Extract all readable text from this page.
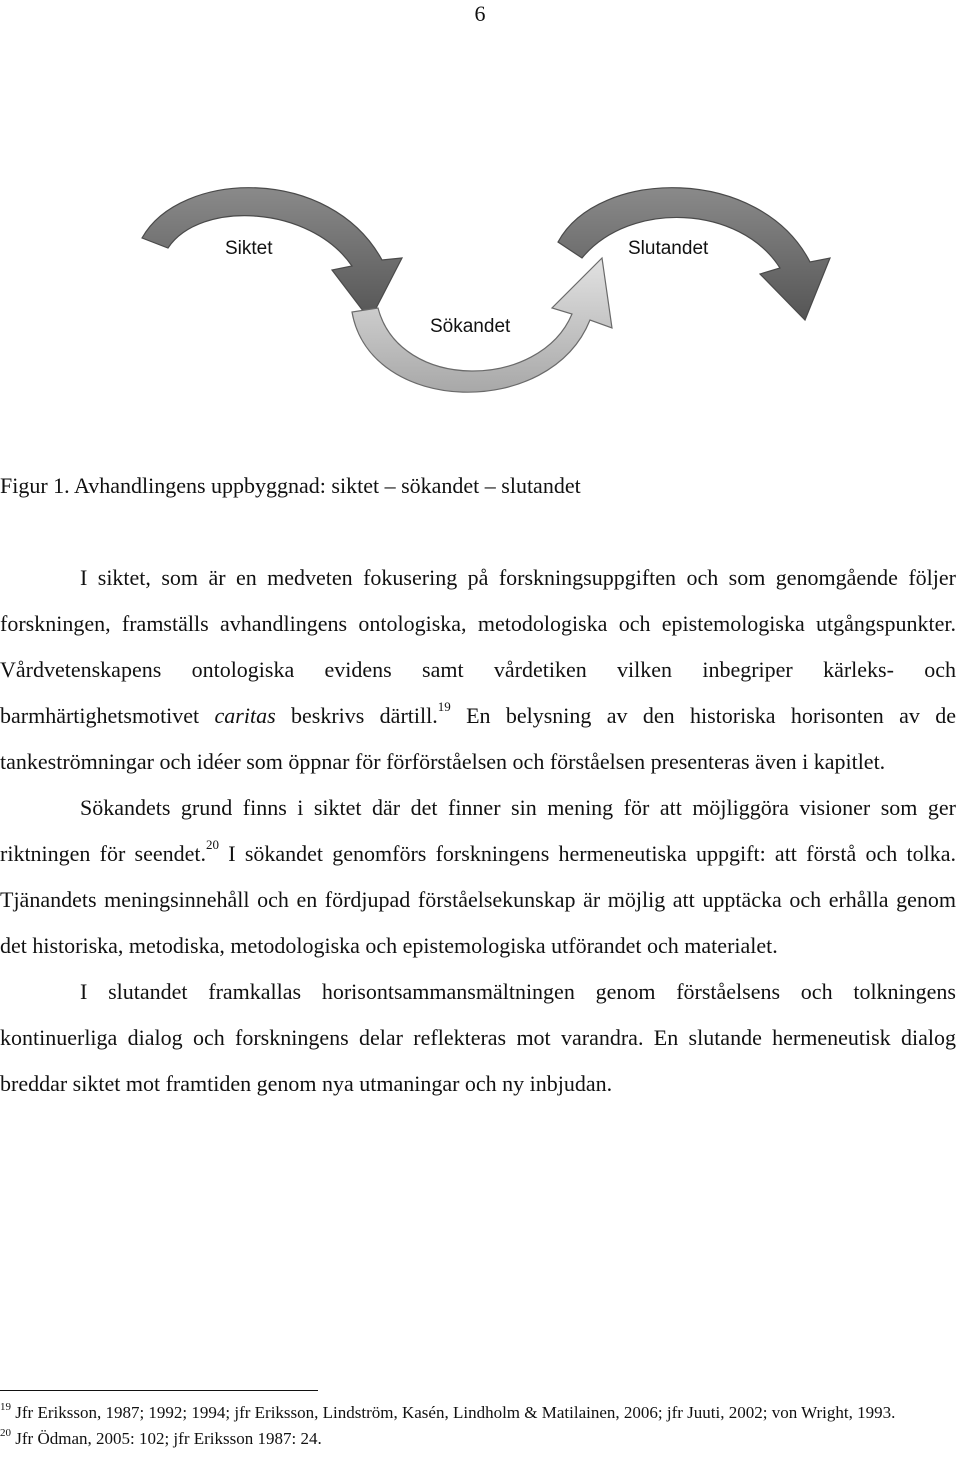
6
Siktet	Slutandet
Sökandet
Figur 1. Avhandlingens uppbyggnad: siktet – sökandet – slutandet

I siktet, som är en medveten fokusering på forskningsuppgiften och som genomgående följer forskningen, framställs avhandlingens ontologiska, metodologiska och epistemologiska utgångspunkter. Vårdvetenskapens ontologiska evidens samt vårdetiken vilken inbegriper kärleks- och barmhärtighetsmotivet caritas beskrivs därtill.$^{19}$ En belysning av den historiska horisonten av de tankeströmningar och idéer som öppnar för förförståelsen och förståelsen presenteras även i kapitlet.

Sökandets grund finns i siktet där det finner sin mening för att möjliggöra visioner som ger riktningen för seendet.$^{20}$ I sökandet genomförs forskningens hermeneutiska uppgift: att förstå och tolka. Tjänandets meningsinnehåll och en fördjupad förståelsekunskap är möjlig att upptäcka och erhålla genom det historiska, metodiska, metodologiska och epistemologiska utförandet och materialet.

I slutandet framkallas horisontsammansmältningen genom förståelsens och tolkningens kontinuerliga dialog och forskningens delar reflekteras mot varandra. En slutande hermeneutisk dialog breddar siktet mot framtiden genom nya utmaningar och ny inbjudan.

$^{19}$ Jfr Eriksson, 1987; 1992; 1994; jfr Eriksson, Lindström, Kasén, Lindholm & Matilainen, 2006; jfr Juuti, 2002; von Wright, 1993.

$^{20}$ Jfr Ödman, 2005: 102; jfr Eriksson 1987: 24.
